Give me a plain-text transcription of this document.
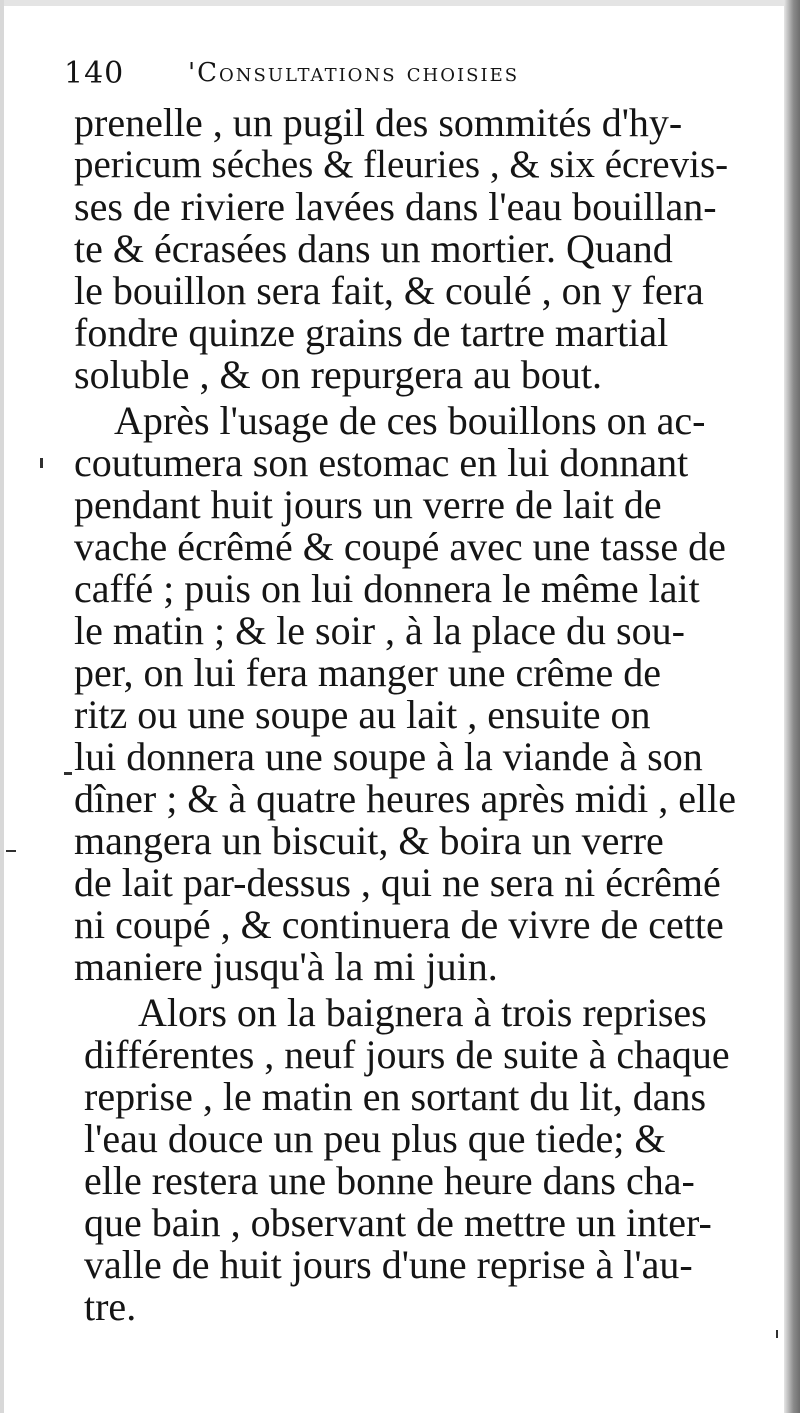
140 'Consultations choisies
prenelle , un pugil des sommités d'hy-
pericum séches & fleuries , & six écrevis-
ses de riviere lavées dans l'eau bouillan-
te & écrasées dans un mortier. Quand
le bouillon sera fait, & coulé , on y fera
fondre quinze grains de tartre martial
soluble , & on repurgera au bout.
Après l'usage de ces bouillons on ac-
coutumera son estomac en lui donnant
pendant huit jours un verre de lait de
vache écrêmé & coupé avec une tasse de
caffé ; puis on lui donnera le même lait
le matin ; & le soir , à la place du sou-
per, on lui fera manger une crême de
ritz ou une soupe au lait , ensuite on
lui donnera une soupe à la viande à son
dîner ; & à quatre heures après midi , elle
mangera un biscuit, & boira un verre
de lait par-dessus , qui ne sera ni écrêmé
ni coupé , & continuera de vivre de cette
maniere jusqu'à la mi juin.
Alors on la baignera à trois reprises
différentes , neuf jours de suite à chaque
reprise , le matin en sortant du lit, dans
l'eau douce un peu plus que tiede; &
elle restera une bonne heure dans cha-
que bain , observant de mettre un inter-
valle de huit jours d'une reprise à l'au-
tre.
